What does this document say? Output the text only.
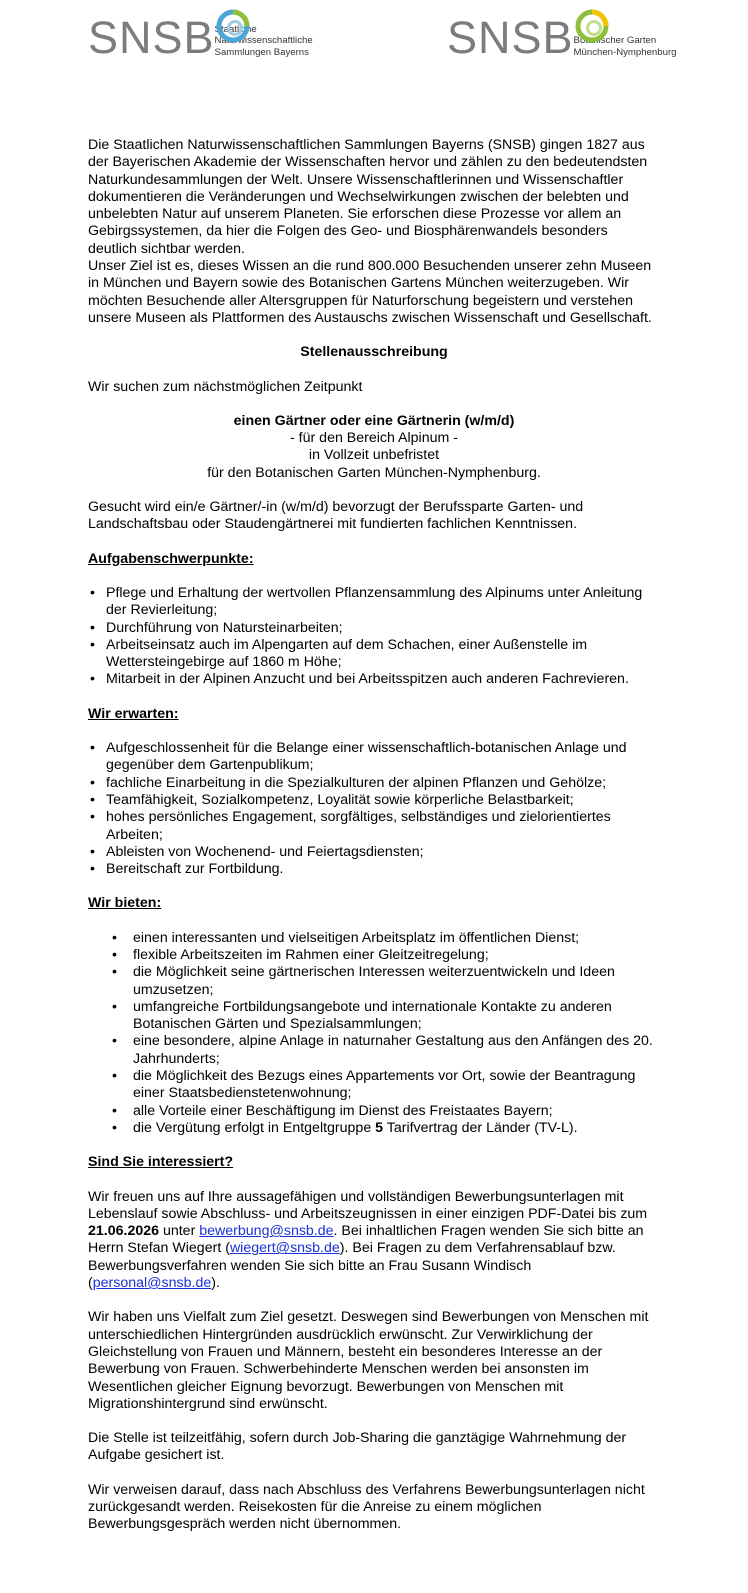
SNSB Staatliche
Naturwissenschaftliche
Sammlungen Bayerns	SNSB Botanischer Garten
München-Nymphenburg

Die Staatlichen Naturwissenschaftlichen Sammlungen Bayerns (SNSB) gingen 1827 aus der Bayerischen Akademie der Wissenschaften hervor und zählen zu den bedeutendsten Naturkundesammlungen der Welt. Unsere Wissenschaftlerinnen und Wissenschaftler dokumentieren die Veränderungen und Wechselwirkungen zwischen der belebten und unbelebten Natur auf unserem Planeten. Sie erforschen diese Prozesse vor allem an Gebirgssystemen, da hier die Folgen des Geo- und Biosphärenwandels besonders deutlich sichtbar werden.

Unser Ziel ist es, dieses Wissen an die rund 800.000 Besuchenden unserer zehn Museen in München und Bayern sowie des Botanischen Gartens München weiterzugeben. Wir möchten Besuchende aller Altersgruppen für Naturforschung begeistern und verstehen unsere Museen als Plattformen des Austauschs zwischen Wissenschaft und Gesellschaft.

Stellenausschreibung

Wir suchen zum nächstmöglichen Zeitpunkt

einen Gärtner oder eine Gärtnerin (w/m/d)

- für den Bereich Alpinum -

in Vollzeit unbefristet

für den Botanischen Garten München-Nymphenburg.

Gesucht wird ein/e Gärtner/-in (w/m/d) bevorzugt der Berufssparte Garten- und Landschaftsbau oder Staudengärtnerei mit fundierten fachlichen Kenntnissen.

Aufgabenschwerpunkte:

• Pflege und Erhaltung der wertvollen Pflanzensammlung des Alpinums unter Anleitung der Revierleitung;
• Durchführung von Natursteinarbeiten;
• Arbeitseinsatz auch im Alpengarten auf dem Schachen, einer Außenstelle im Wettersteingebirge auf 1860 m Höhe;
• Mitarbeit in der Alpinen Anzucht und bei Arbeitsspitzen auch anderen Fachrevieren.

Wir erwarten:

• Aufgeschlossenheit für die Belange einer wissenschaftlich-botanischen Anlage und gegenüber dem Gartenpublikum;
• fachliche Einarbeitung in die Spezialkulturen der alpinen Pflanzen und Gehölze;
• Teamfähigkeit, Sozialkompetenz, Loyalität sowie körperliche Belastbarkeit;
• hohes persönliches Engagement, sorgfältiges, selbständiges und zielorientiertes Arbeiten;
• Ableisten von Wochenend- und Feiertagsdiensten;
• Bereitschaft zur Fortbildung.

Wir bieten:

• einen interessanten und vielseitigen Arbeitsplatz im öffentlichen Dienst;
• flexible Arbeitszeiten im Rahmen einer Gleitzeitregelung;
• die Möglichkeit seine gärtnerischen Interessen weiterzuentwickeln und Ideen umzusetzen;
• umfangreiche Fortbildungsangebote und internationale Kontakte zu anderen Botanischen Gärten und Spezialsammlungen;
• eine besondere, alpine Anlage in naturnaher Gestaltung aus den Anfängen des 20. Jahrhunderts;
• die Möglichkeit des Bezugs eines Appartements vor Ort, sowie der Beantragung einer Staatsbedienstetenwohnung;
• alle Vorteile einer Beschäftigung im Dienst des Freistaates Bayern;
• die Vergütung erfolgt in Entgeltgruppe 5 Tarifvertrag der Länder (TV-L).

Sind Sie interessiert?

Wir freuen uns auf Ihre aussagefähigen und vollständigen Bewerbungsunterlagen mit Lebenslauf sowie Abschluss- und Arbeitszeugnissen in einer einzigen PDF-Datei bis zum 21.06.2026 unter bewerbung@snsb.de. Bei inhaltlichen Fragen wenden Sie sich bitte an Herrn Stefan Wiegert (wiegert@snsb.de). Bei Fragen zu dem Verfahrensablauf bzw. Bewerbungsverfahren wenden Sie sich bitte an Frau Susann Windisch (personal@snsb.de).

Wir haben uns Vielfalt zum Ziel gesetzt. Deswegen sind Bewerbungen von Menschen mit unterschiedlichen Hintergründen ausdrücklich erwünscht. Zur Verwirklichung der Gleichstellung von Frauen und Männern, besteht ein besonderes Interesse an der Bewerbung von Frauen. Schwerbehinderte Menschen werden bei ansonsten im Wesentlichen gleicher Eignung bevorzugt. Bewerbungen von Menschen mit Migrationshintergrund sind erwünscht.

Die Stelle ist teilzeitfähig, sofern durch Job-Sharing die ganztägige Wahrnehmung der Aufgabe gesichert ist.

Wir verweisen darauf, dass nach Abschluss des Verfahrens Bewerbungsunterlagen nicht zurückgesandt werden. Reisekosten für die Anreise zu einem möglichen Bewerbungsgespräch werden nicht übernommen.
